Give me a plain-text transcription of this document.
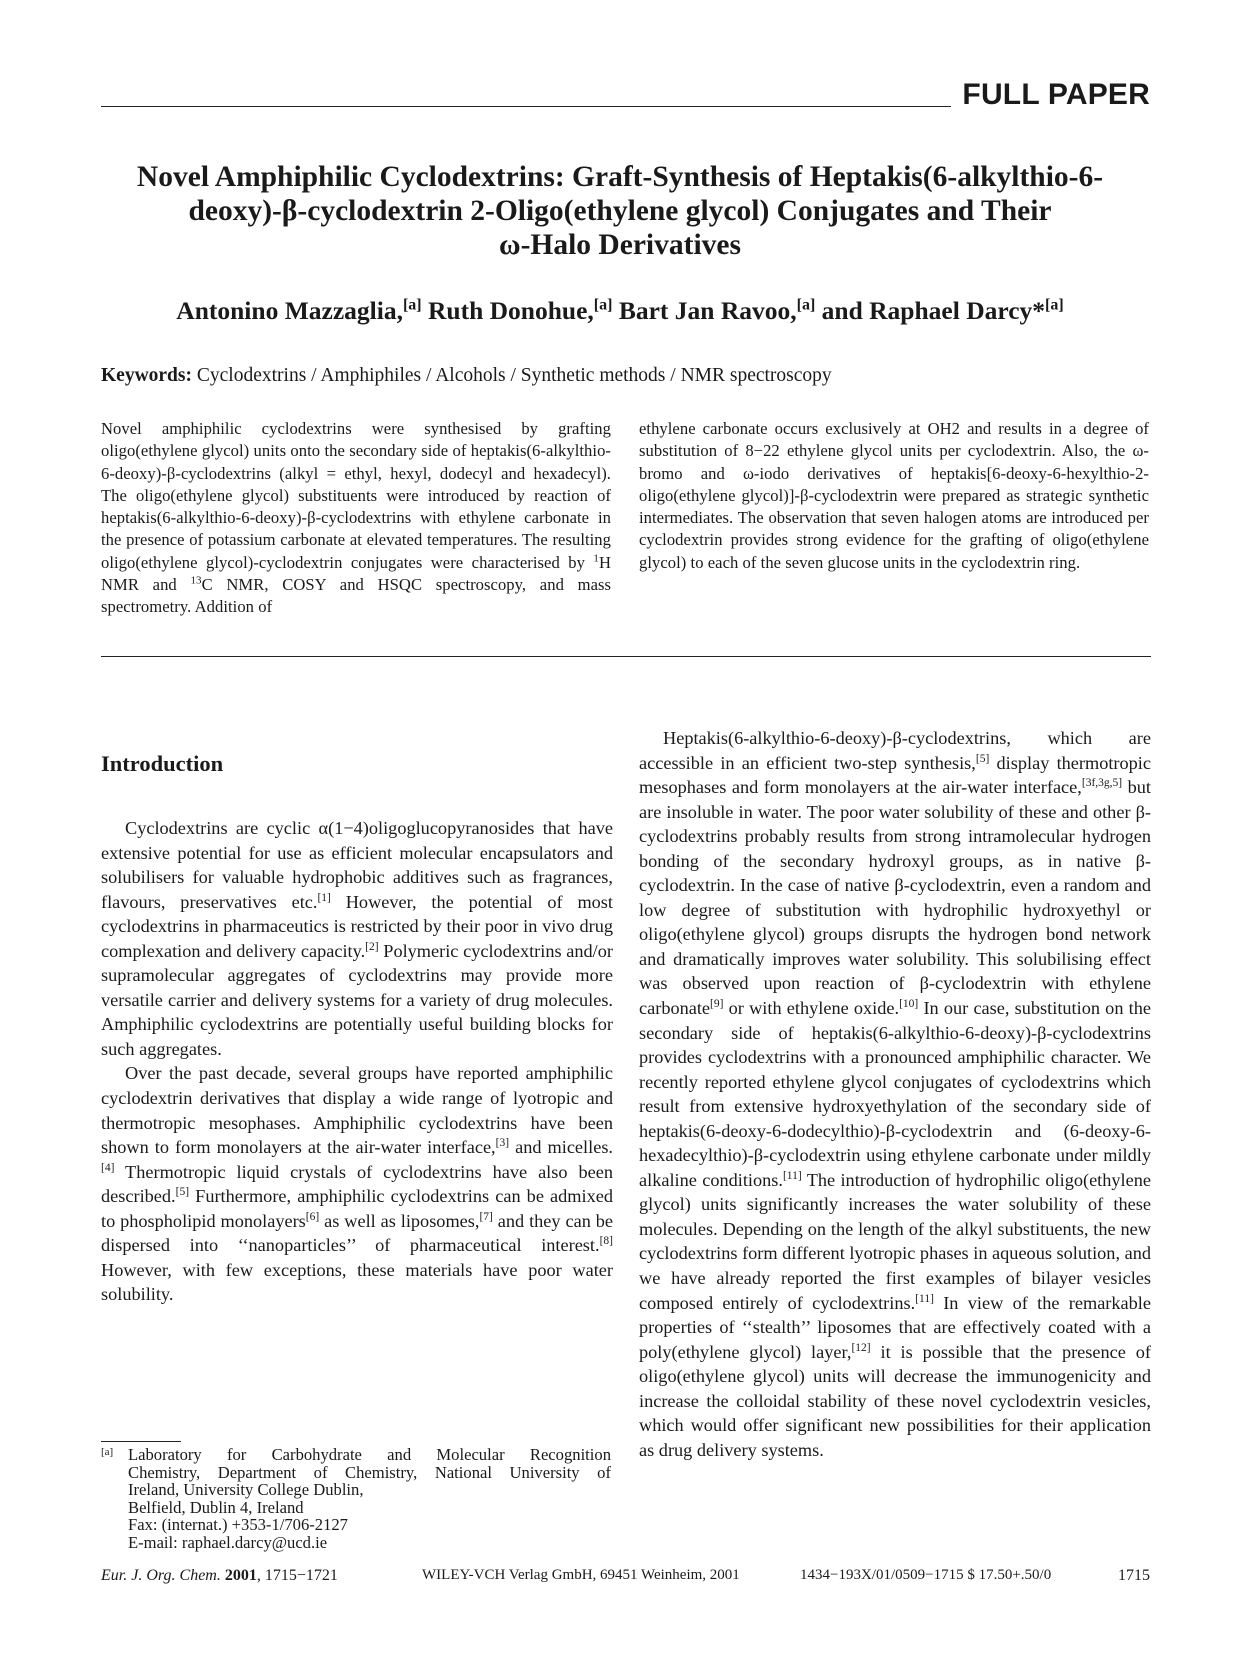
FULL PAPER
Novel Amphiphilic Cyclodextrins: Graft-Synthesis of Heptakis(6-alkylthio-6-
deoxy)-β-cyclodextrin 2-Oligo(ethylene glycol) Conjugates and Their
ω-Halo Derivatives
Antonino Mazzaglia,[a] Ruth Donohue,[a] Bart Jan Ravoo,[a] and Raphael Darcy*[a]
Keywords: Cyclodextrins / Amphiphiles / Alcohols / Synthetic methods / NMR spectroscopy
Novel amphiphilic cyclodextrins were synthesised by grafting oligo(ethylene glycol) units onto the secondary side of heptakis(6-alkylthio-6-deoxy)-β-cyclodextrins (alkyl = ethyl, hexyl, dodecyl and hexadecyl). The oligo(ethylene glycol) substituents were introduced by reaction of heptakis(6-alkylthio-6-deoxy)-β-cyclodextrins with ethylene carbonate in the presence of potassium carbonate at elevated temperatures. The resulting oligo(ethylene glycol)-cyclodextrin conjugates were characterised by $^1$H NMR and $^{13}$C NMR, COSY and HSQC spectroscopy, and mass spectrometry. Addition of
ethylene carbonate occurs exclusively at OH2 and results in a degree of substitution of 8−22 ethylene glycol units per cyclodextrin. Also, the ω-bromo and ω-iodo derivatives of heptakis[6-deoxy-6-hexylthio-2-oligo(ethylene glycol)]-β-cyclodextrin were prepared as strategic synthetic intermediates. The observation that seven halogen atoms are introduced per cyclodextrin provides strong evidence for the grafting of oligo(ethylene glycol) to each of the seven glucose units in the cyclodextrin ring.
Introduction

Cyclodextrins are cyclic α(1−4)oligoglucopyranosides that have extensive potential for use as efficient molecular encapsulators and solubilisers for valuable hydrophobic additives such as fragrances, flavours, preservatives etc.[1] However, the potential of most cyclodextrins in pharmaceutics is restricted by their poor in vivo drug complexation and delivery capacity.[2] Polymeric cyclodextrins and/or supramolecular aggregates of cyclodextrins may provide more versatile carrier and delivery systems for a variety of drug molecules. Amphiphilic cyclodextrins are potentially useful building blocks for such aggregates.

Over the past decade, several groups have reported amphiphilic cyclodextrin derivatives that display a wide range of lyotropic and thermotropic mesophases. Amphiphilic cyclodextrins have been shown to form monolayers at the air-water interface,[3] and micelles.[4] Thermotropic liquid crystals of cyclodextrins have also been described.[5] Furthermore, amphiphilic cyclodextrins can be admixed to phospholipid monolayers[6] as well as liposomes,[7] and they can be dispersed into ‘‘nanoparticles’’ of pharmaceutical interest.[8] However, with few exceptions, these materials have poor water solubility.

Heptakis(6-alkylthio-6-deoxy)-β-cyclodextrins, which are accessible in an efficient two-step synthesis,[5] display thermotropic mesophases and form monolayers at the air-water interface,[3f,3g,5] but are insoluble in water. The poor water solubility of these and other β-cyclodextrins probably results from strong intramolecular hydrogen bonding of the secondary hydroxyl groups, as in native β-cyclodextrin. In the case of native β-cyclodextrin, even a random and low degree of substitution with hydrophilic hydroxyethyl or oligo(ethylene glycol) groups disrupts the hydrogen bond network and dramatically improves water solubility. This solubilising effect was observed upon reaction of β-cyclodextrin with ethylene carbonate[9] or with ethylene oxide.[10] In our case, substitution on the secondary side of heptakis(6-alkylthio-6-deoxy)-β-cyclodextrins provides cyclodextrins with a pronounced amphiphilic character. We recently reported ethylene glycol conjugates of cyclodextrins which result from extensive hydroxyethylation of the secondary side of heptakis(6-deoxy-6-dodecylthio)-β-cyclodextrin and (6-deoxy-6-hexadecylthio)-β-cyclodextrin using ethylene carbonate under mildly alkaline conditions.[11] The introduction of hydrophilic oligo(ethylene glycol) units significantly increases the water solubility of these molecules. Depending on the length of the alkyl substituents, the new cyclodextrins form different lyotropic phases in aqueous solution, and we have already reported the first examples of bilayer vesicles composed entirely of cyclodextrins.[11] In view of the remarkable properties of ‘‘stealth’’ liposomes that are effectively coated with a poly(ethylene glycol) layer,[12] it is possible that the presence of oligo(ethylene glycol) units will decrease the immunogenicity and increase the colloidal stability of these novel cyclodextrin vesicles, which would offer significant new possibilities for their application as drug delivery systems.

[a] Laboratory for Carbohydrate and Molecular Recognition
Chemistry, Department of Chemistry, National University of
Ireland, University College Dublin,
Belfield, Dublin 4, Ireland
Fax: (internat.) +353-1/706-2127
E-mail: raphael.darcy@ucd.ie
Eur. J. Org. Chem. 2001, 1715−1721	WILEY-VCH Verlag GmbH, 69451 Weinheim, 2001	1434−193X/01/0509−1715 $ 17.50+.50/0	1715
